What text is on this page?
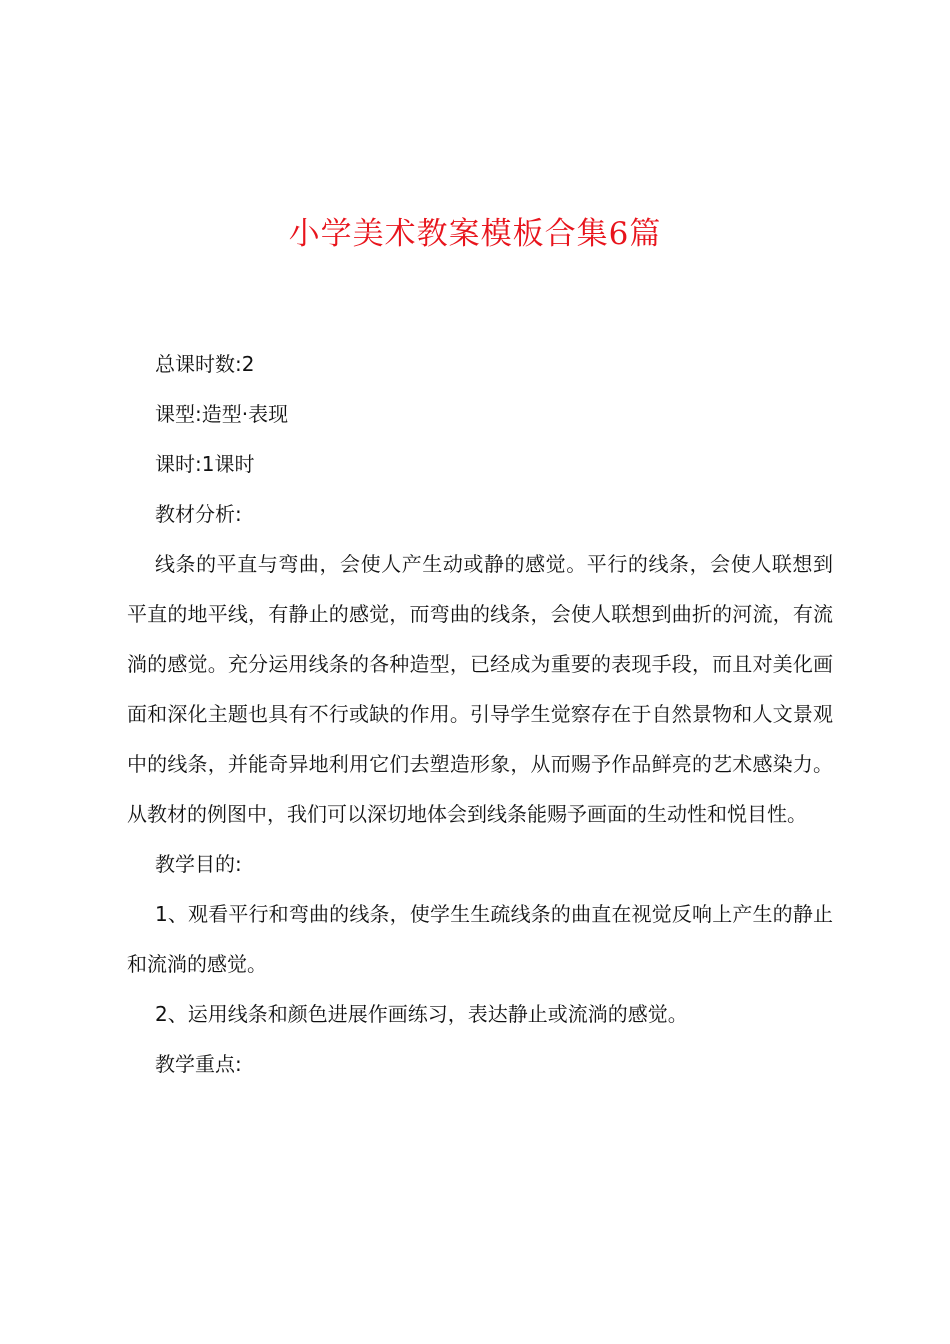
小学美术教案模板合集6篇

总课时数:2

课型:造型·表现

课时:1课时

教材分析:

线条的平直与弯曲，会使人产生动或静的感觉。平行的线条，会使人联想到平直的地平线，有静止的感觉，而弯曲的线条，会使人联想到曲折的河流，有流淌的感觉。充分运用线条的各种造型，已经成为重要的表现手段，而且对美化画面和深化主题也具有不行或缺的作用。引导学生觉察存在于自然景物和人文景观中的线条，并能奇异地利用它们去塑造形象，从而赐予作品鲜亮的艺术感染力。从教材的例图中，我们可以深切地体会到线条能赐予画面的生动性和悦目性。

教学目的:

1、观看平行和弯曲的线条，使学生生疏线条的曲直在视觉反响上产生的静止和流淌的感觉。

2、运用线条和颜色进展作画练习，表达静止或流淌的感觉。

教学重点:
